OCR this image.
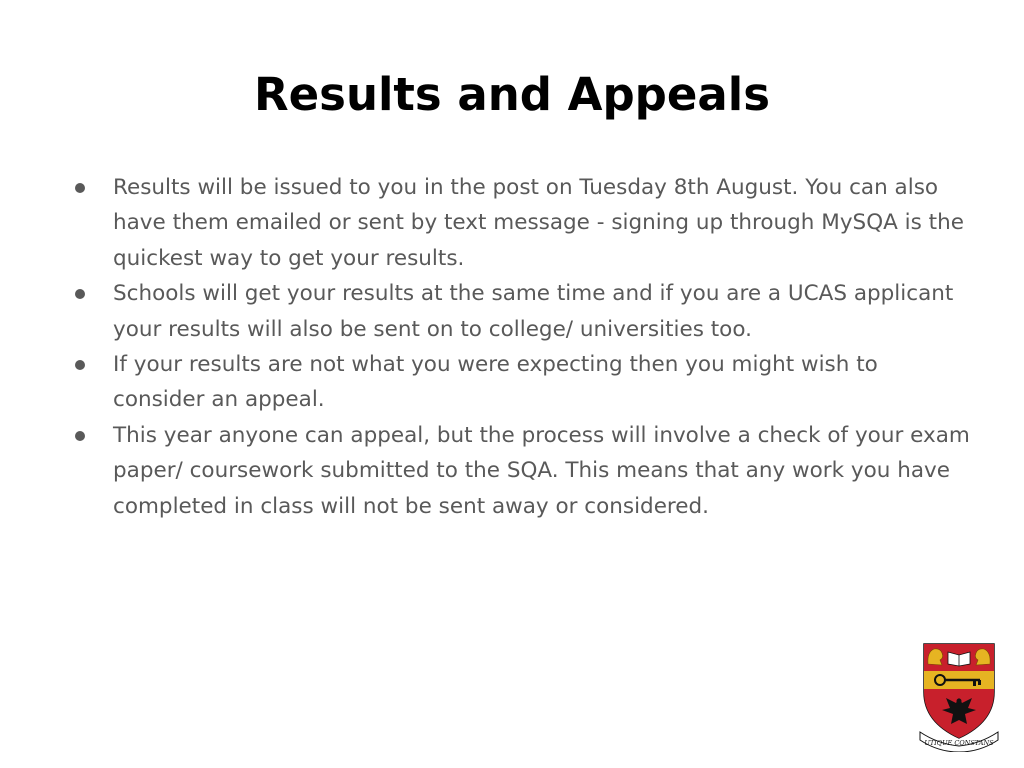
Results and Appeals
Results will be issued to you in the post on Tuesday 8th August. You can also have them emailed or sent by text message - signing up through MySQA is the quickest way to get your results.
Schools will get your results at the same time and if you are a UCAS applicant your results will also be sent on to college/ universities too.
If your results are not what you were expecting then you might wish to consider an appeal.
This year anyone can appeal, but the process will involve a check of your exam paper/ coursework submitted to the SQA. This means that any work you have completed in class will not be sent away or considered.
UTIQUE CONSTANS
